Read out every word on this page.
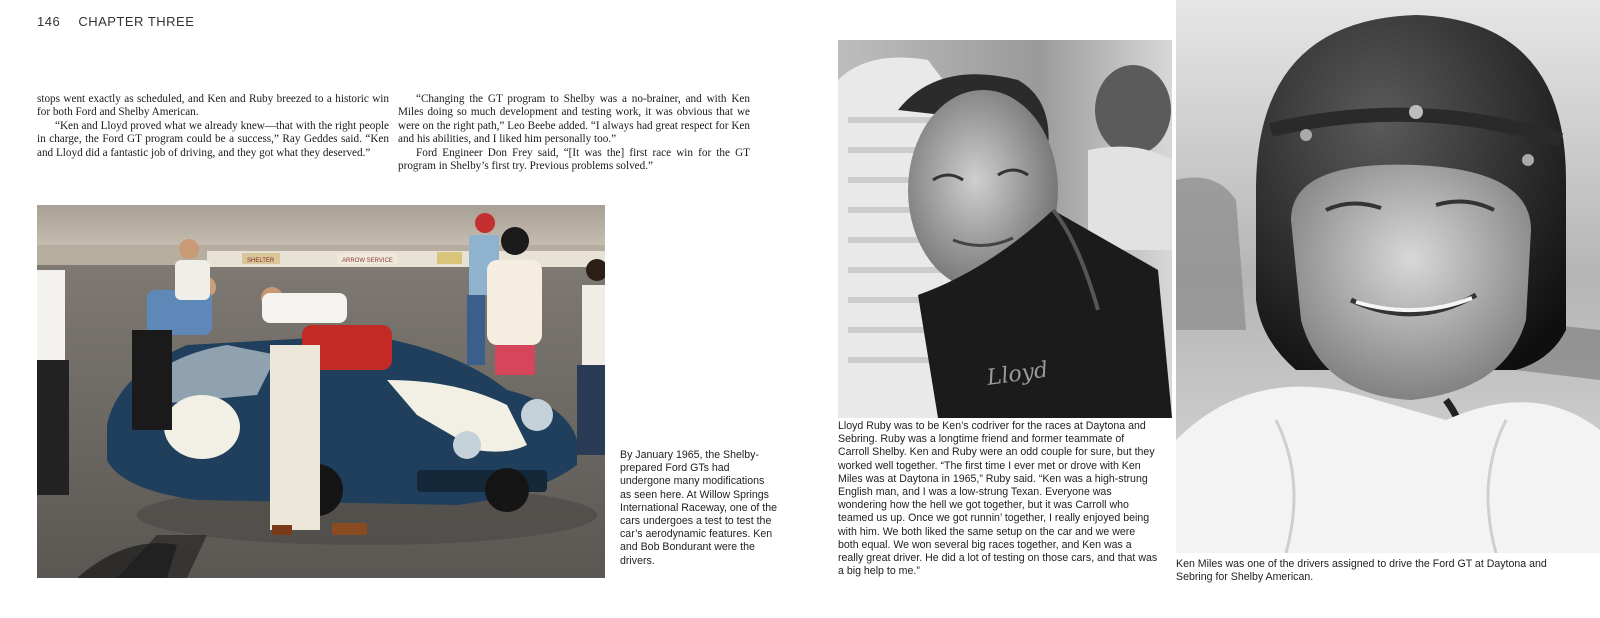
146 CHAPTER THREE

stops went exactly as scheduled, and Ken and Ruby breezed to a historic win for both Ford and Shelby American.

“Ken and Lloyd proved what we already knew—that with the right people in charge, the Ford GT program could be a success,” Ray Geddes said. “Ken and Lloyd did a fantastic job of driving, and they got what they deserved.”

“Changing the GT program to Shelby was a no-brainer, and with Ken Miles doing so much development and testing work, it was obvious that we were on the right path,” Leo Beebe added. “I always had great respect for Ken and his abilities, and I liked him personally too.”

Ford Engineer Don Frey said, “[It was the] first race win for the GT program in Shelby’s first try. Previous problems solved.”

SHELTER	ARROW SERVICE
By January 1965, the Shelby-prepared Ford GTs had undergone many modifications as seen here. At Willow Springs International Raceway, one of the cars undergoes a test to test the car’s aerodynamic features. Ken and Bob Bondurant were the drivers.
Lloyd
Lloyd Ruby was to be Ken’s codriver for the races at Daytona and Sebring. Ruby was a longtime friend and former teammate of Carroll Shelby. Ken and Ruby were an odd couple for sure, but they worked well together. “The first time I ever met or drove with Ken Miles was at Daytona in 1965,” Ruby said. “Ken was a high-strung English man, and I was a low-strung Texan. Everyone was wondering how the hell we got together, but it was Carroll who teamed us up. Once we got runnin’ together, I really enjoyed being with him. We both liked the same setup on the car and we were both equal. We won several big races together, and Ken was a really great driver. He did a lot of testing on those cars, and that was a big help to me.”
Ken Miles was one of the drivers assigned to drive the Ford GT at Daytona and Sebring for Shelby American.
